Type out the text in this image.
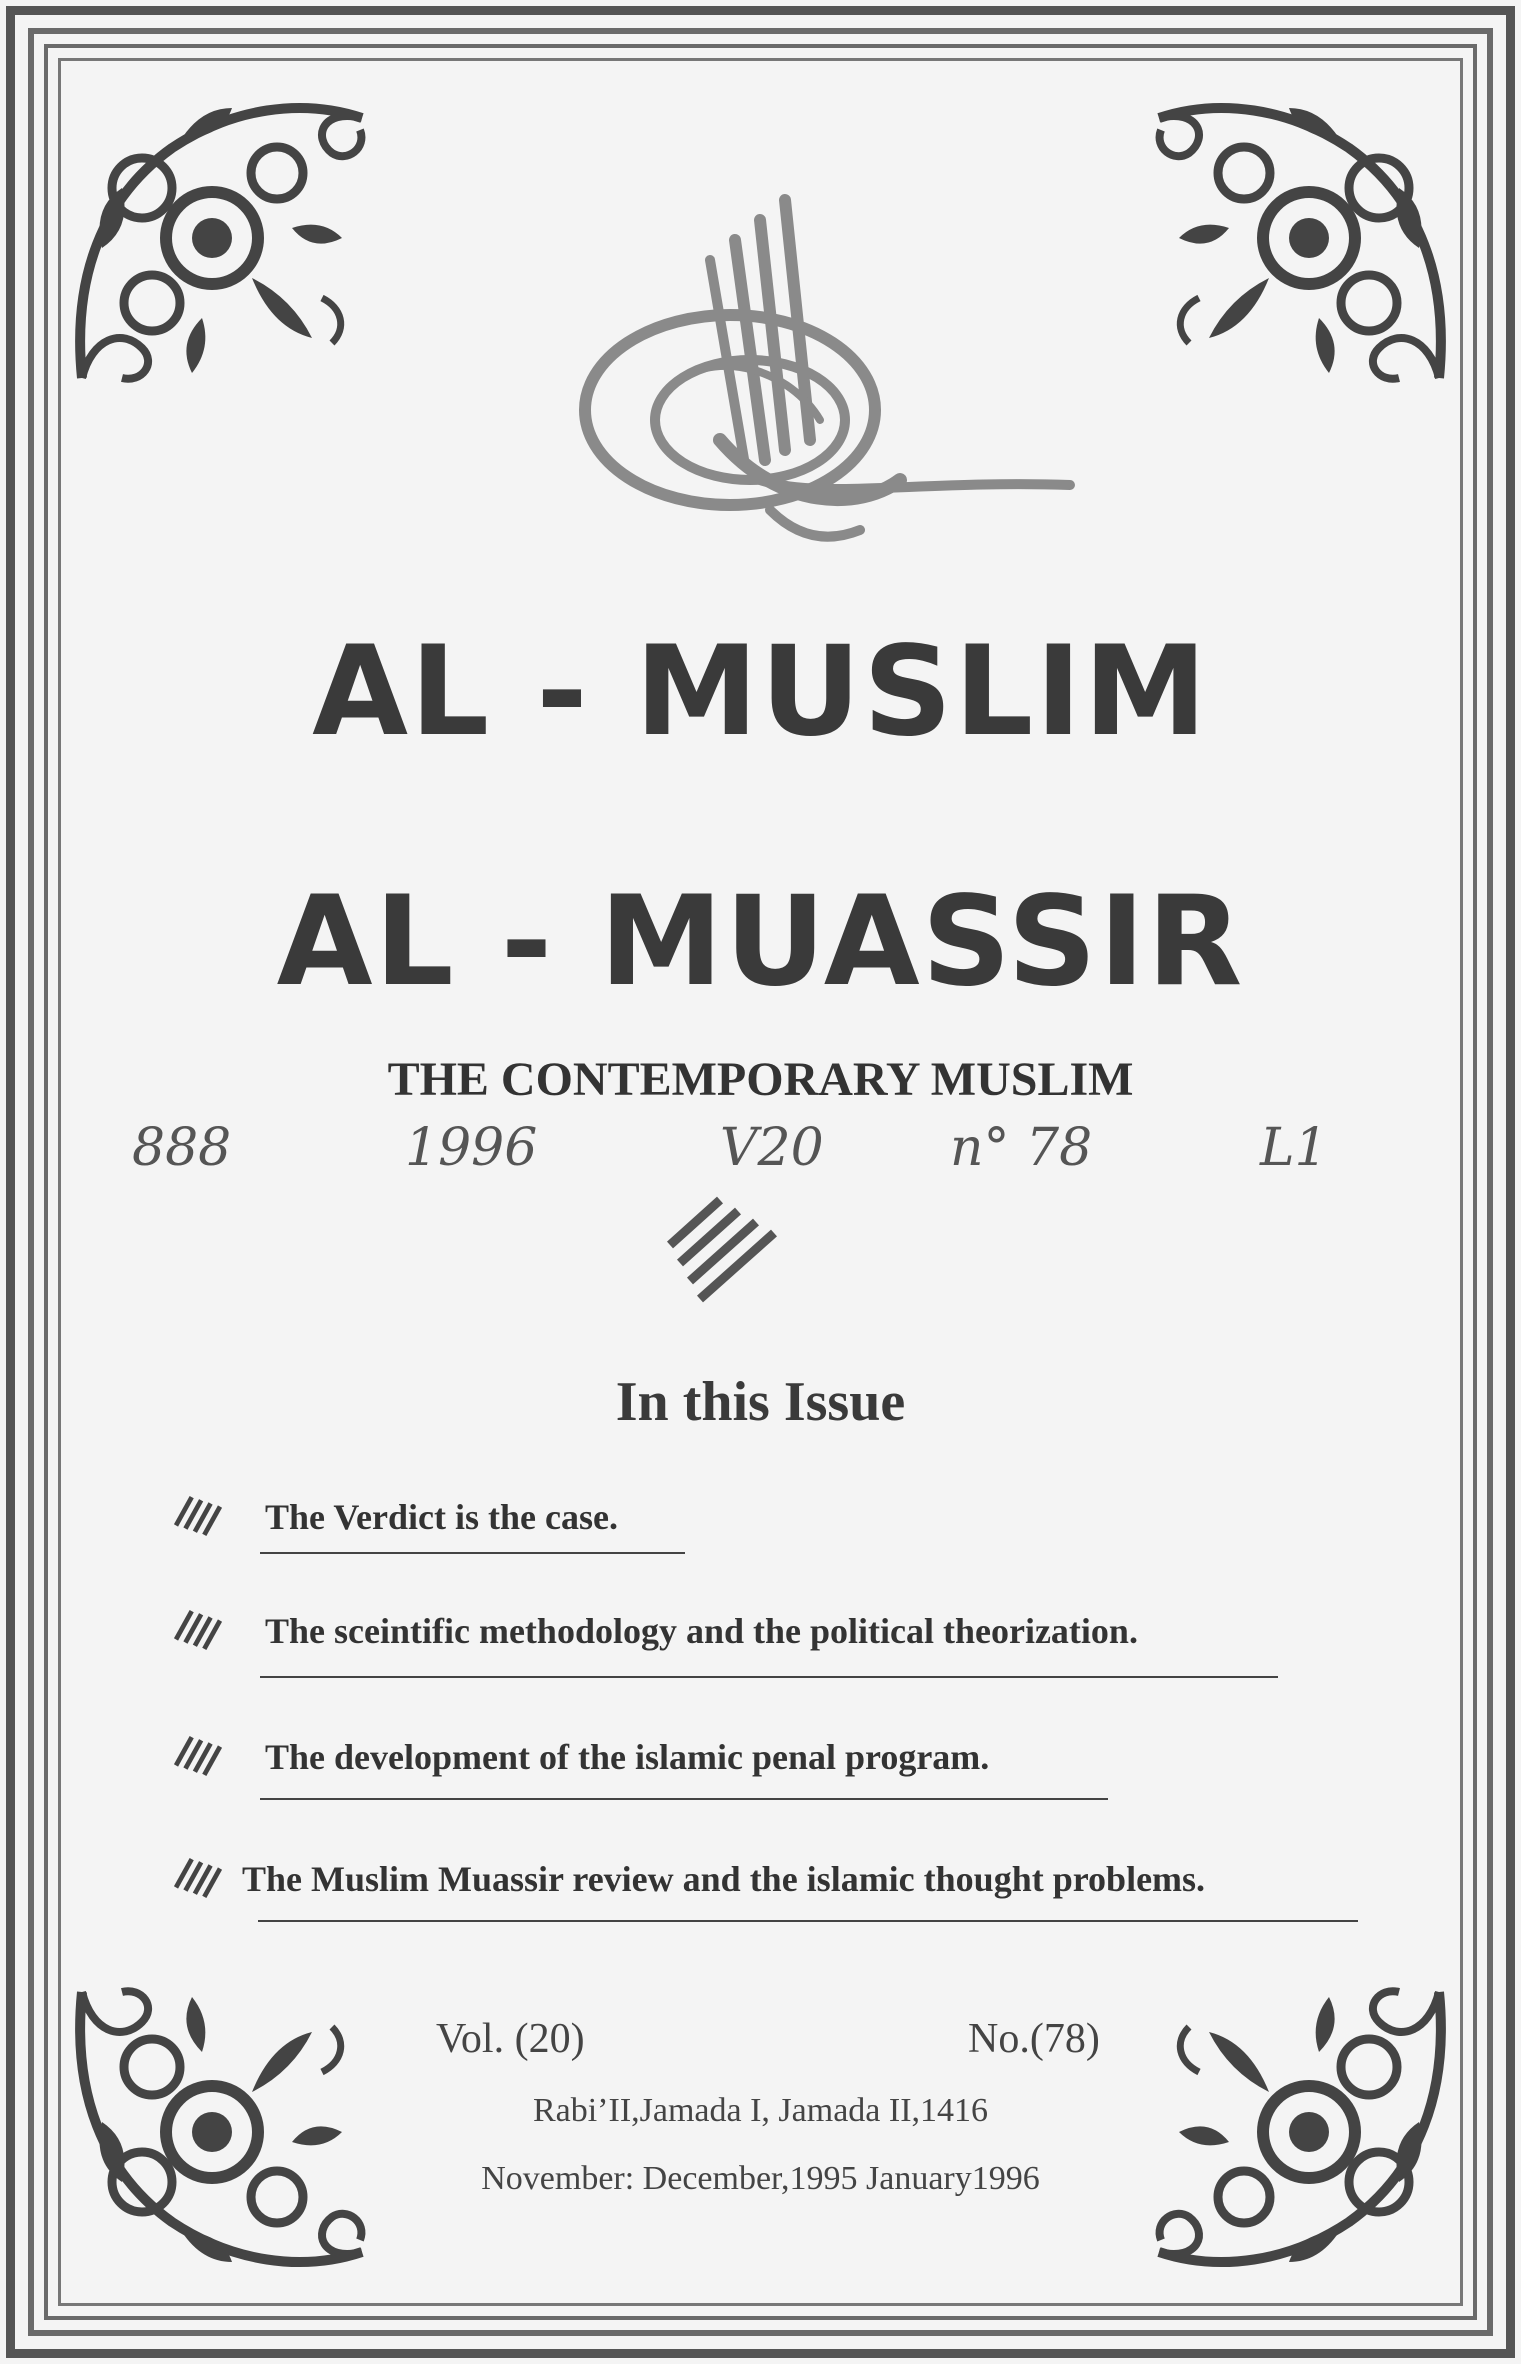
AL - MUSLIM
AL - MUASSIR
THE CONTEMPORARY MUSLIM
888	1996	V20 n° 78	L1
In this Issue
The Verdict is the case.
The sceintific methodology and the political theorization.
The development of the islamic penal program.
The Muslim Muassir review and the islamic thought problems.
Vol. (20)	No.(78)
Rabi’II,Jamada I, Jamada II,1416
November: December,1995 January1996
